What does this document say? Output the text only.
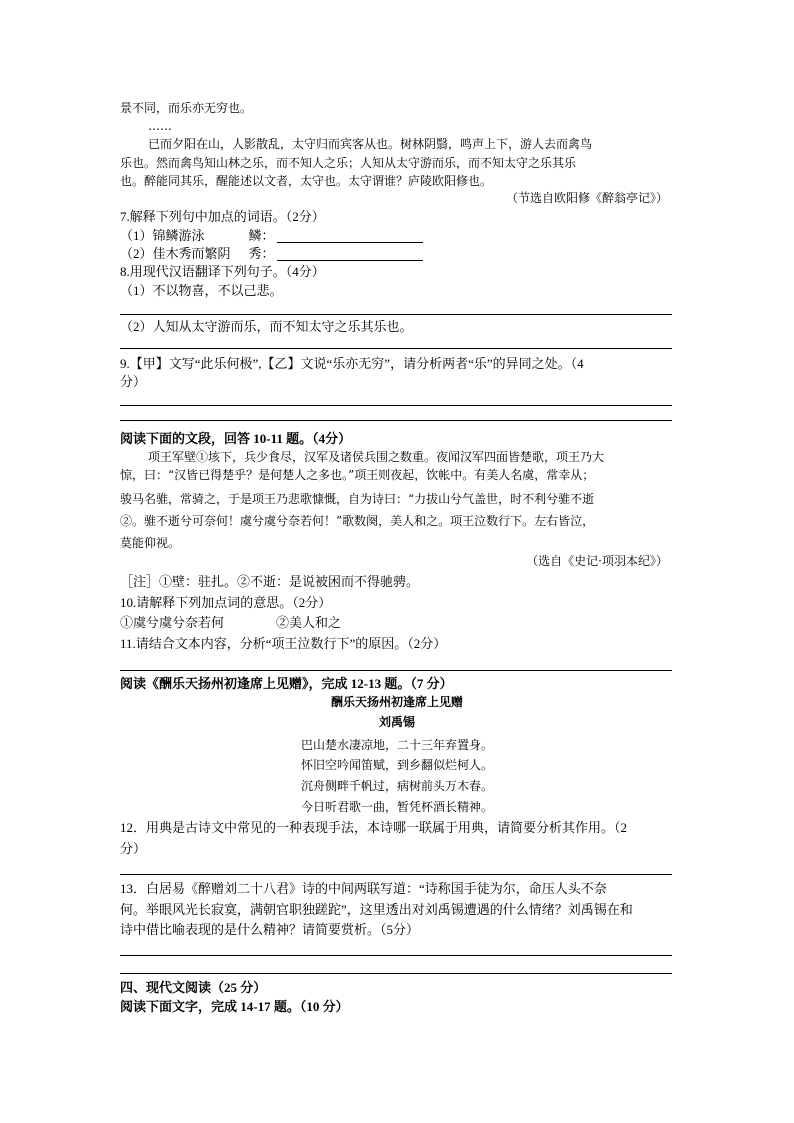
景不同，而乐亦无穷也。
……
已而夕阳在山，人影散乱，太守归而宾客从也。树林阴翳，鸣声上下，游人去而禽鸟
乐也。然而禽鸟知山林之乐，而不知人之乐；人知从太守游而乐，而不知太守之乐其乐
也。醉能同其乐，醒能述以文者，太守也。太守谓谁？庐陵欧阳修也。
（节选自欧阳修《醉翁亭记》）
7.解释下列句中加点的词语。（2分）
（1）锦鳞游泳	鳞：
（2）佳木秀而繁阴 秀：
8.用现代汉语翻译下列句子。（4分）
（1）不以物喜，不以己悲。
（2）人知从太守游而乐，而不知太守之乐其乐也。
9.【甲】文写“此乐何极”,【乙】文说“乐亦无穷”，请分析两者“乐”的异同之处。（4
分）
阅读下面的文段，回答 10-11 题。（4分）
项王军壁①垓下，兵少食尽，汉军及诸侯兵围之数重。夜闻汉军四面皆楚歌，项王乃大
惊，曰：“汉皆已得楚乎？是何楚人之多也。”项王则夜起，饮帐中。有美人名虞，常幸从；
骏马名骓，常骑之，于是项王乃悲歌慷慨，自为诗曰：“力拔山兮气盖世，时不利兮骓不逝
②。骓不逝兮可奈何！虞兮虞兮奈若何！”歌数阕，美人和之。项王泣数行下。左右皆泣，
莫能仰视。
（选自《史记·项羽本纪》）
［注］①壁：驻扎。②不逝：是说被困而不得驰骋。
10.请解释下列加点词的意思。（2分）
①虞兮虞兮奈若何	②美人和之
11.请结合文本内容，分析“项王泣数行下”的原因。（2分）
阅读《酬乐天扬州初逢席上见赠》，完成 12-13 题。（7 分）
酬乐天扬州初逢席上见赠
刘禹锡
巴山楚水凄凉地，二十三年弃置身。
怀旧空吟闻笛赋，到乡翻似烂柯人。
沉舟侧畔千帆过，病树前头万木春。
今日听君歌一曲，暂凭杯酒长精神。
12．用典是古诗文中常见的一种表现手法，本诗哪一联属于用典，请简要分析其作用。（2
分）
13．白居易《醉赠刘二十八君》诗的中间两联写道：“诗称国手徒为尔，命压人头不奈
何。举眼风光长寂寞，满朝官职独蹉跎”，这里透出对刘禹锡遭遇的什么情绪？刘禹锡在和
诗中借比喻表现的是什么精神？请简要赏析。（5分）
四、现代文阅读（25 分）
阅读下面文字，完成 14-17 题。（10 分）
